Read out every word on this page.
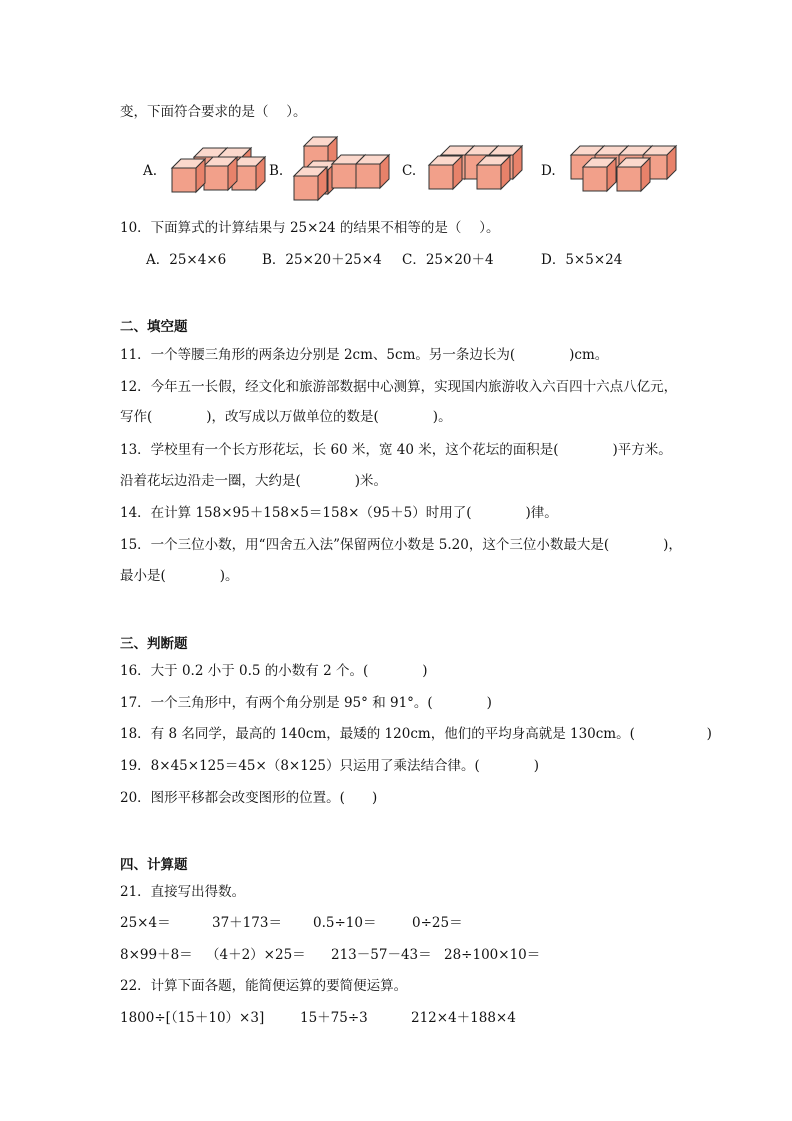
变，下面符合要求的是（　 ）。
A.	B.	C.	D.
10．下面算式的计算结果与 25×24 的结果不相等的是（　 ）。
A．25×4×6	B．25×20＋25×4 C．25×20＋4	D．5×5×24
二、填空题
11．一个等腰三角形的两条边分别是 2cm、5cm。另一条边长为(　　　　)cm。
12．今年五一长假，经文化和旅游部数据中心测算，实现国内旅游收入六百四十六点八亿元，
写作(　　　　)，改写成以万做单位的数是(　　　　)。
13．学校里有一个长方形花坛，长 60 米，宽 40 米，这个花坛的面积是(　　　　)平方米。
沿着花坛边沿走一圈，大约是(　　　　)米。
14．在计算 158×95＋158×5＝158×（95＋5）时用了(　　　　)律。
15．一个三位小数，用“四舍五入法”保留两位小数是 5.20，这个三位小数最大是(　　　　)，
最小是(　　　　)。
三、判断题
16．大于 0.2 小于 0.5 的小数有 2 个。(　　　　)
17．一个三角形中，有两个角分别是 95° 和 91°。(　　　　)
18．有 8 名同学，最高的 140cm，最矮的 120cm，他们的平均身高就是 130cm。(　　　　　 )
19．8×45×125＝45×（8×125）只运用了乘法结合律。(　　　　)
20．图形平移都会改变图形的位置。(　　)
四、计算题
21．直接写出得数。
25×4＝	37＋173＝ 0.5÷10＝	0÷25＝
8×99＋8＝ （4＋2）×25＝ 213－57－43＝ 28÷100×10＝
22．计算下面各题，能简便运算的要简便运算。
1800÷[（15＋10）×3]	15＋75÷3	212×4＋188×4
